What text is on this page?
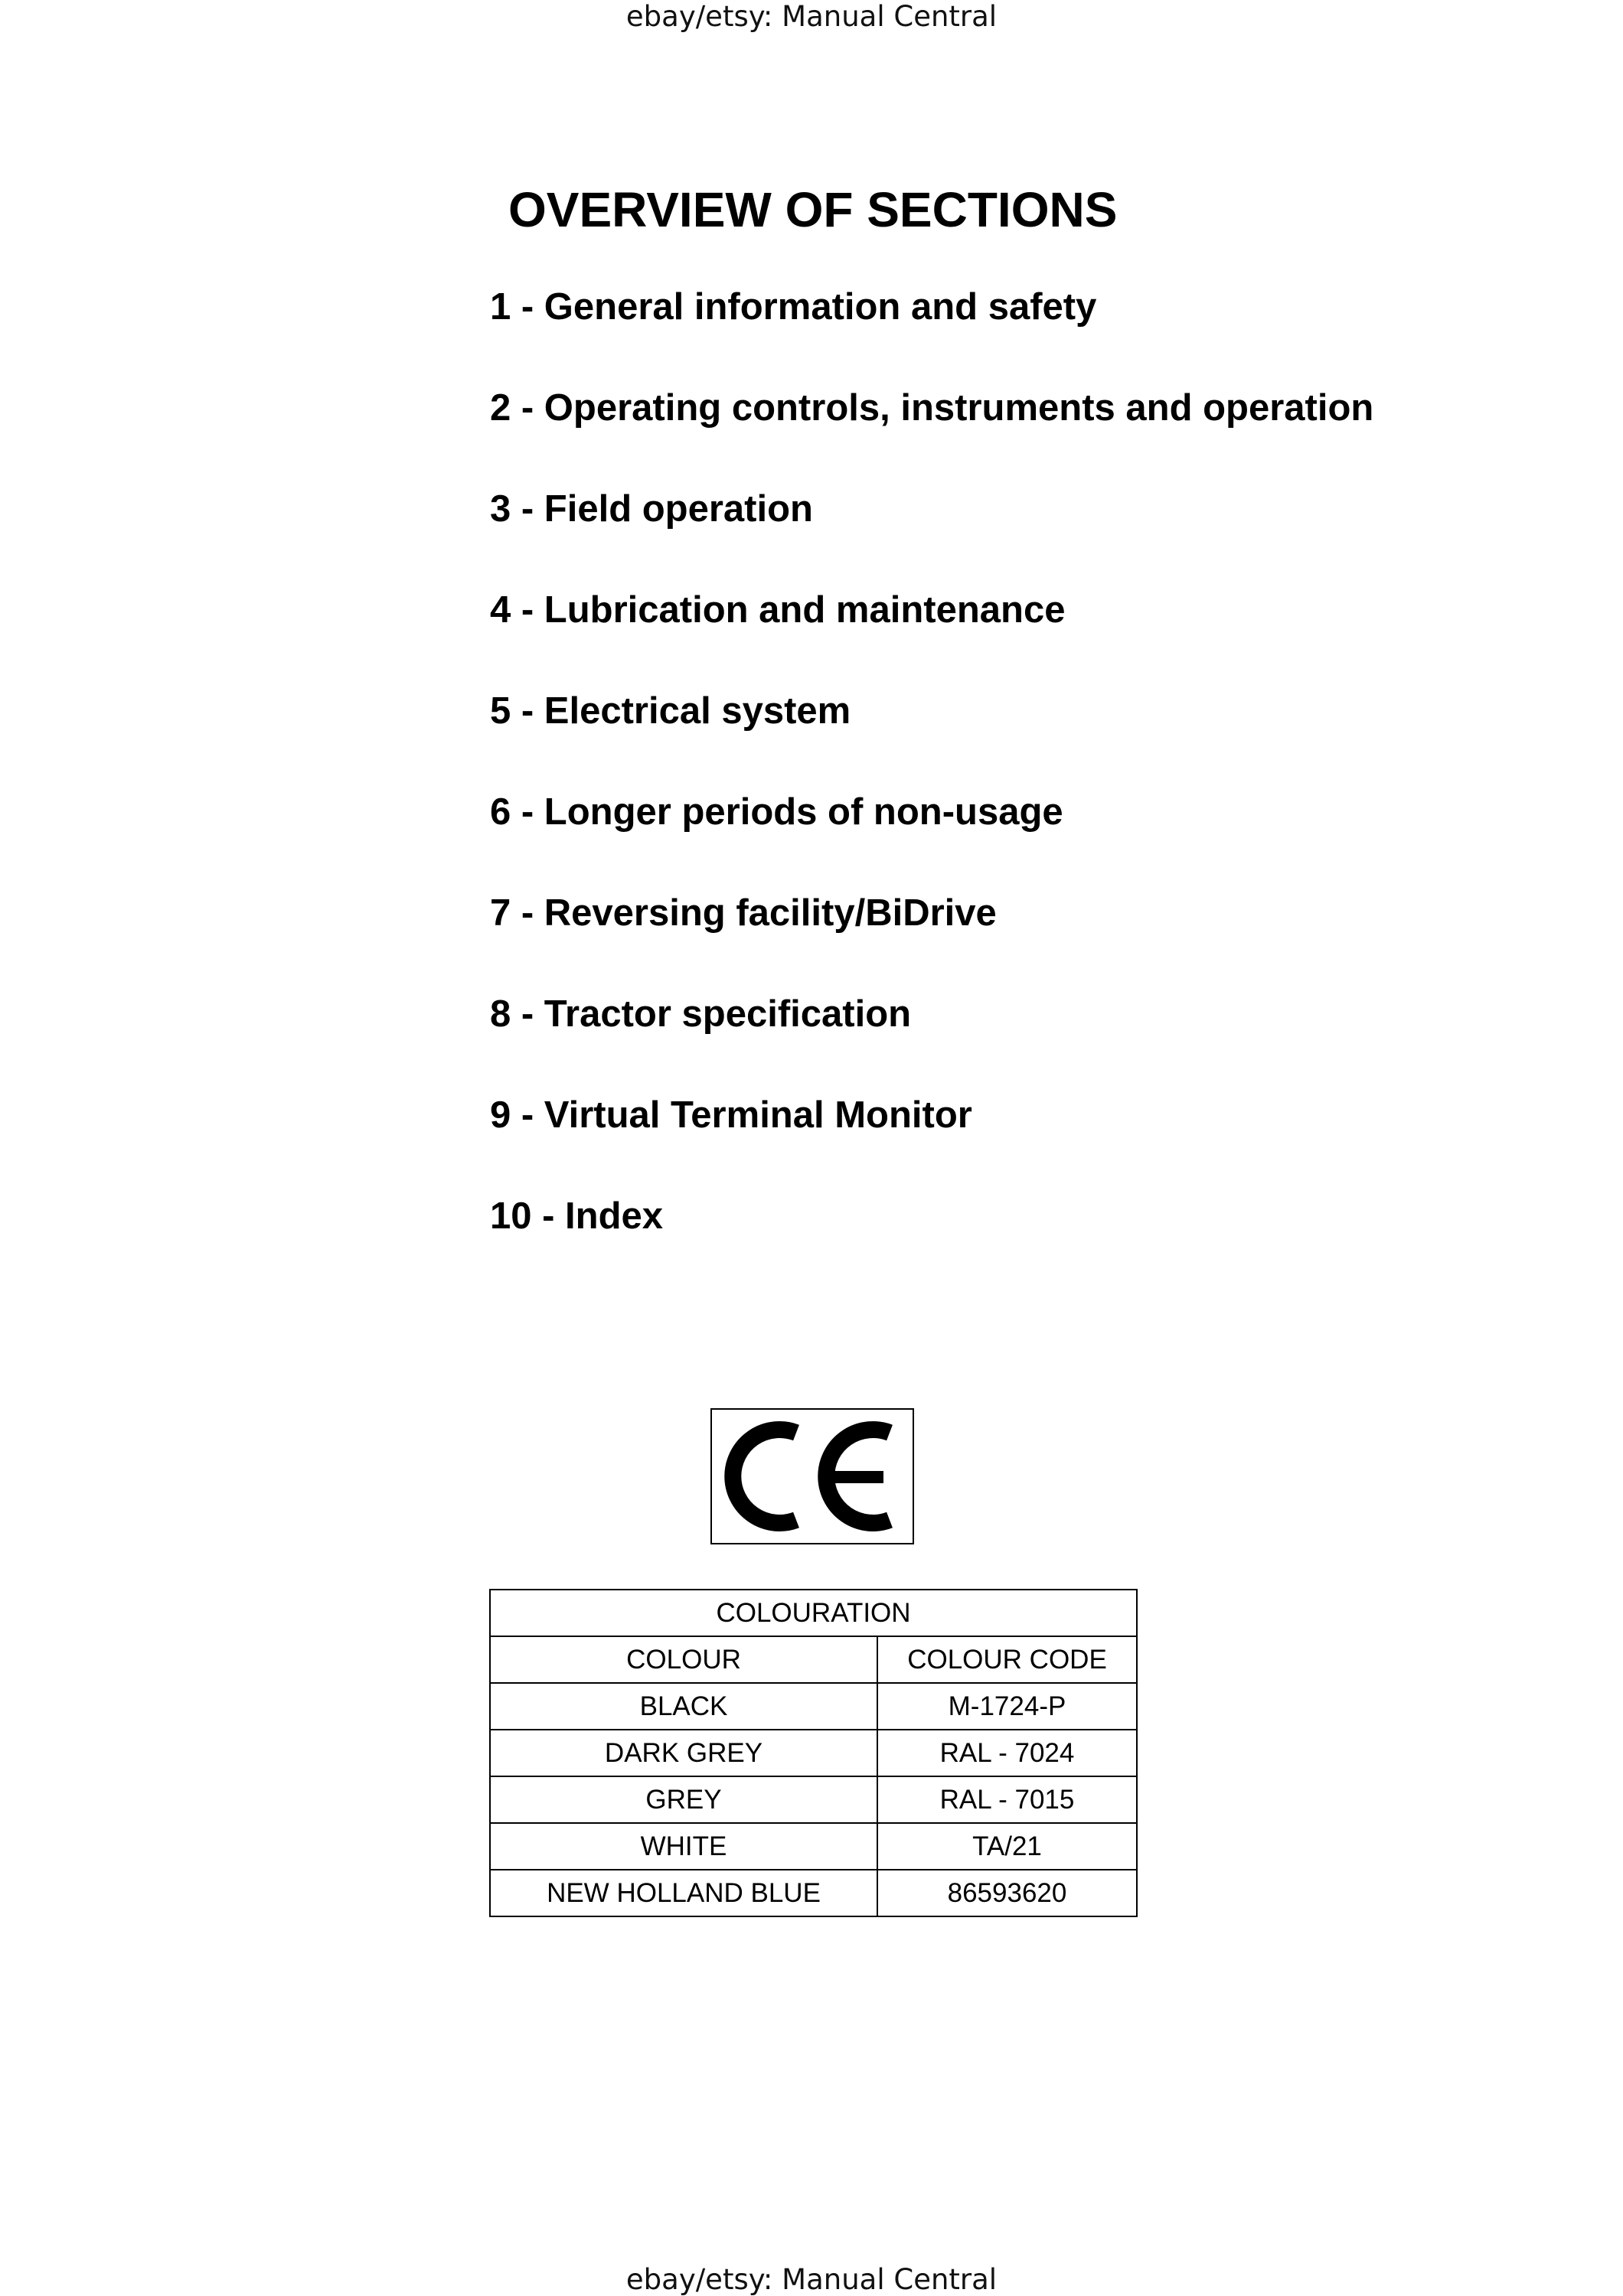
ebay/etsy: Manual Central
OVERVIEW OF SECTIONS
1 - General information and safety
2 - Operating controls, instruments and operation
3 - Field operation
4 - Lubrication and maintenance
5 - Electrical system
6 - Longer periods of non-usage
7 - Reversing facility/BiDrive
8 - Tractor specification
9 - Virtual Terminal Monitor
10 - Index
COLOURATION	
COLOUR	COLOUR CODE
BLACK	M-1724-P
DARK GREY	RAL - 7024
GREY	RAL - 7015
WHITE	TA/21
NEW HOLLAND BLUE	86593620
ebay/etsy: Manual Central
